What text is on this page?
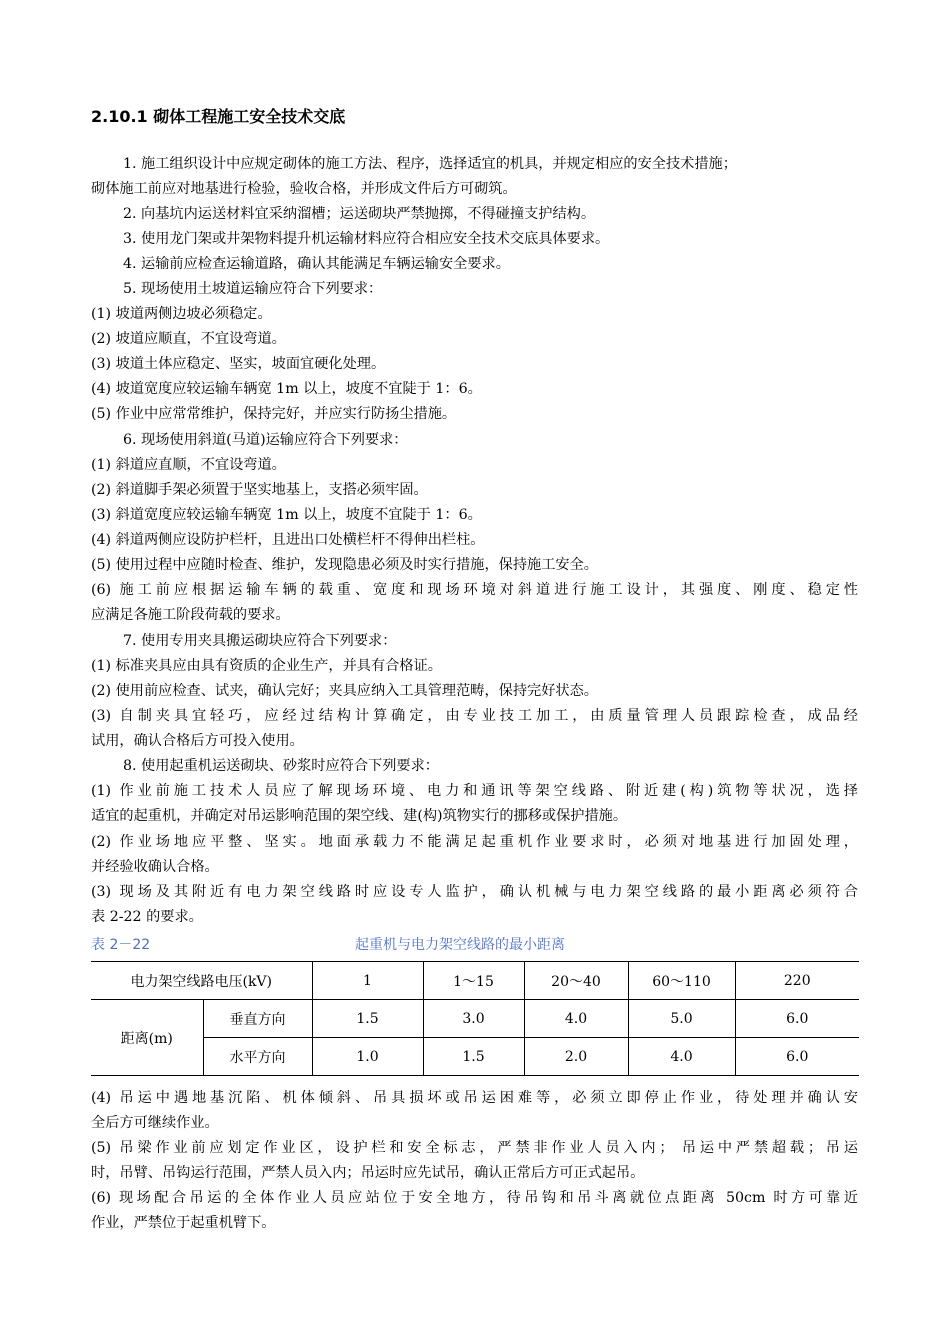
2.10.1 砌体工程施工安全技术交底
1. 施工组织设计中应规定砌体的施工方法、程序，选择适宜的机具，并规定相应的安全技术措施；
砌体施工前应对地基进行检验，验收合格，并形成文件后方可砌筑。
2. 向基坑内运送材料宜采纳溜槽；运送砌块严禁抛掷，不得碰撞支护结构。
3. 使用龙门架或井架物料提升机运输材料应符合相应安全技术交底具体要求。
4. 运输前应检查运输道路，确认其能满足车辆运输安全要求。
5. 现场使用土坡道运输应符合下列要求：
(1) 坡道两侧边坡必须稳定。
(2) 坡道应顺直，不宜设弯道。
(3) 坡道土体应稳定、坚实，坡面宜硬化处理。
(4) 坡道宽度应较运输车辆宽 1m 以上，坡度不宜陡于 1：6。
(5) 作业中应常常维护，保持完好，并应实行防扬尘措施。
6. 现场使用斜道(马道)运输应符合下列要求：
(1) 斜道应直顺，不宜设弯道。
(2) 斜道脚手架必须置于坚实地基上，支搭必须牢固。
(3) 斜道宽度应较运输车辆宽 1m 以上，坡度不宜陡于 1：6。
(4) 斜道两侧应设防护栏杆，且进出口处横栏杆不得伸出栏柱。
(5) 使用过程中应随时检查、维护，发现隐患必须及时实行措施，保持施工安全。
(6) 施工前应根据运输车辆的载重、宽度和现场环境对斜道进行施工设计，其强度、刚度、稳定性
应满足各施工阶段荷载的要求。
7. 使用专用夹具搬运砌块应符合下列要求：
(1) 标准夹具应由具有资质的企业生产，并具有合格证。
(2) 使用前应检查、试夹，确认完好；夹具应纳入工具管理范畴，保持完好状态。
(3) 自制夹具宜轻巧，应经过结构计算确定，由专业技工加工，由质量管理人员跟踪检查，成品经
试用，确认合格后方可投入使用。
8. 使用起重机运送砌块、砂浆时应符合下列要求：
(1) 作业前施工技术人员应了解现场环境、电力和通讯等架空线路、附近建(构)筑物等状况，选择
适宜的起重机，并确定对吊运影响范围的架空线、建(构)筑物实行的挪移或保护措施。
(2) 作业场地应平整、坚实。地面承载力不能满足起重机作业要求时，必须对地基进行加固处理，
并经验收确认合格。
(3) 现场及其附近有电力架空线路时应设专人监护，确认机械与电力架空线路的最小距离必须符合
表 2-22 的要求。
表 2－22	起重机与电力架空线路的最小距离
电力架空线路电压(kV)		1	1～15	20～40	60～110	220
距离(m)	垂直方向	1.5	3.0	4.0	5.0	6.0
	水平方向	1.0	1.5	2.0	4.0	6.0
(4) 吊运中遇地基沉陷、机体倾斜、吊具损坏或吊运困难等，必须立即停止作业，待处理并确认安
全后方可继续作业。
(5) 吊梁作业前应划定作业区，设护栏和安全标志，严禁非作业人员入内； 吊运中严禁超载；吊运
时，吊臂、吊钩运行范围，严禁人员入内；吊运时应先试吊，确认正常后方可正式起吊。
(6) 现场配合吊运的全体作业人员应站位于安全地方，待吊钩和吊斗离就位点距离 50cm 时方可靠近
作业，严禁位于起重机臂下。
